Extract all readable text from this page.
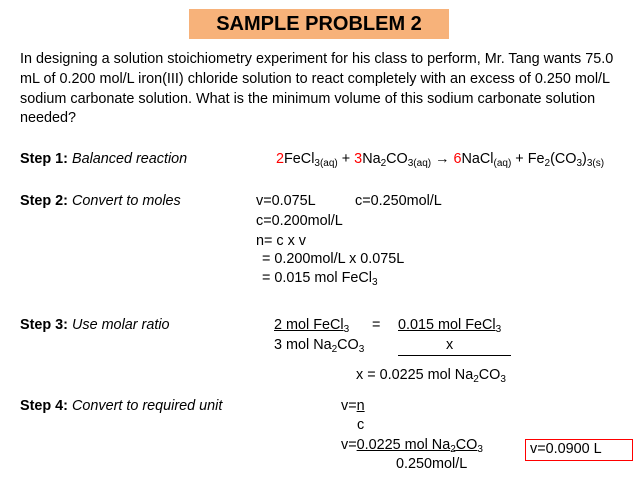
SAMPLE PROBLEM 2
In designing a solution stoichiometry experiment for his class to perform, Mr. Tang wants 75.0 mL of 0.200 mol/L iron(III) chloride solution to react completely with an excess of 0.250 mol/L sodium carbonate solution. What is the minimum volume of this sodium carbonate solution needed?
Step 1: Balanced reaction	2FeCl$_{3(aq)}$ + $3Na_2CO_{3(aq)}$ → 6NaCl$_{(aq)}$ + $Fe_2(CO_3)_{3(s)}$
Step 2: Convert to moles	v=0.075L	c=0.250mol/L
c=0.200mol/L
n= c x v
= 0.200mol/L x 0.075L
= 0.015 mol FeCl$_3$
Step 3: Use molar ratio	2 mol FeCl$_3$ = 0.015 mol FeCl$_3$
3 mol $Na_2CO_3$	x
x = 0.0225 mol $Na_2CO_3$
Step 4: Convert to required unit	v=n
c
v=0.0225 mol $Na_2CO_3$
0.250mol/L
v=0.0900 L
